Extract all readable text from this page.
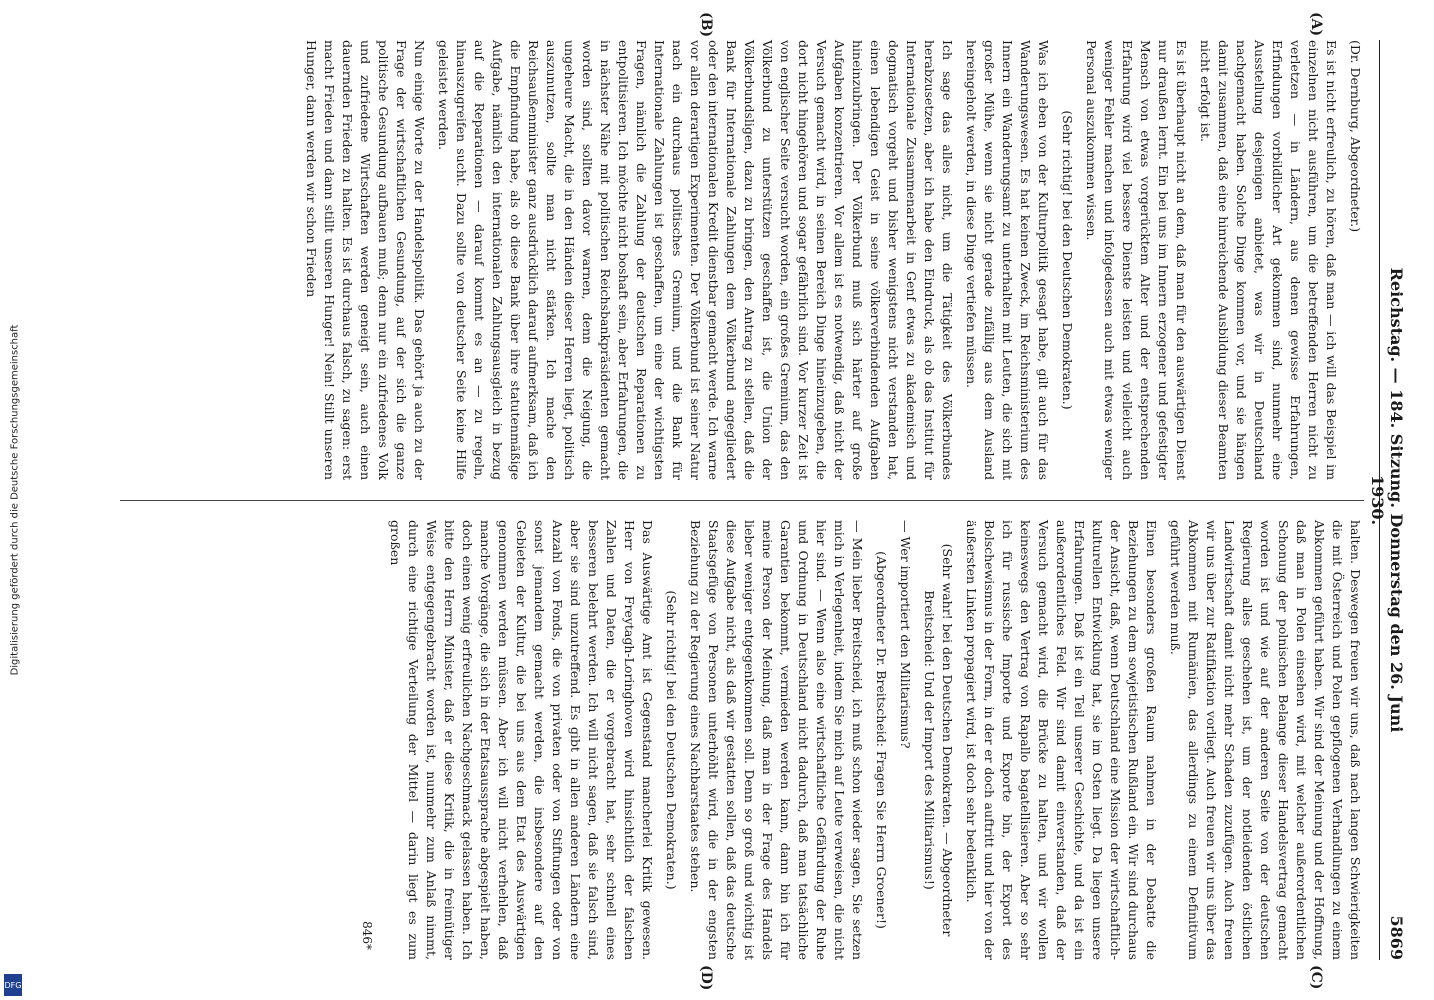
Digitalisierung gefördert durch die Deutsche Forschungsgemeinschaft
DFG
Reichstag. — 184. Sitzung. Donnerstag den 26. Juni 1930.
5869
(A)
(B)
(C)
(D)

(Dr. Dernburg, Abgeordneter.)

Es ist nicht erfreulich, zu hören, daß man — ich will das Beispiel im einzelnen nicht ausführen, um die betreffenden Herren nicht zu verletzen — in Ländern, aus denen gewisse Erfahrungen, Erfindungen vorbildlicher Art gekommen sind, nunmehr eine Ausstellung desjenigen anbietet, was wir in Deutschland nachgemacht haben. Solche Dinge kommen vor, und sie hängen damit zusammen, daß eine hinreichende Ausbildung dieser Beamten nicht erfolgt ist.

Es ist überhaupt nicht an dem, daß man für den auswärtigen Dienst nur draußen lernt. Ein bei uns im Innern erzogener und gefestigter Mensch von etwas vorgerücktem Alter und der entsprechenden Erfahrung wird viel bessere Dienste leisten und vielleicht auch weniger Fehler machen und infolgedessen auch mit etwas weniger Personal auszukommen wissen.

(Sehr richtig! bei den Deutschen Demokraten.)

Was ich eben von der Kulturpolitik gesagt habe, gilt auch für das Wanderungswesen. Es hat keinen Zweck, im Reichsministerium des Innern ein Wanderungsamt zu unterhalten mit Leuten, die sich mit großer Mühe, wenn sie nicht gerade zufällig aus dem Ausland hereingeholt werden, in diese Dinge vertiefen müssen.

Ich sage das alles nicht, um die Tätigkeit des Völkerbundes herabzusetzen, aber ich habe den Eindruck, als ob das Institut für Internationale Zusammenarbeit in Genf etwas zu akademisch und dogmatisch vorgeht und bisher wenigstens nicht verstanden hat, einen lebendigen Geist in seine völkerverbindenden Aufgaben hineinzubringen. Der Völkerbund muß sich härter auf große Aufgaben konzentrieren. Vor allem ist es notwendig, daß nicht der Versuch gemacht wird, in seinen Bereich Dinge hineinzugeben, die dort nicht hingehören und sogar gefährlich sind. Vor kurzer Zeit ist von englischer Seite versucht worden, ein großes Gremium, das den Völkerbund zu unterstützen geschaffen ist, die Union der Völkerbundsligen, dazu zu bringen, den Antrag zu stellen, daß die Bank für Internationale Zahlungen dem Völkerbund angegliedert oder den internationalen Kredit dienstbar gemacht werde. Ich warne vor allen derartigen Experimenten. Der Völkerbund ist seiner Natur nach ein durchaus politisches Gremium, und die Bank für Internationale Zahlungen ist geschaffen, um eine der wichtigsten Fragen, nämlich die Zahlung der deutschen Reparationen zu entpolitisieren. Ich möchte nicht boshaft sein, aber Erfahrungen, die in nächster Nähe mit politischen Reichsbankpräsidenten gemacht worden sind, sollten davor warnen, denn die Neigung, die ungeheure Macht, die in den Händen dieser Herren liegt, politisch auszunutzen, sollte man nicht stärken. Ich mache den Reichsaußenminister ganz ausdrücklich darauf aufmerksam, daß ich die Empfindung habe, als ob diese Bank über ihre statutenmäßige Aufgabe, nämlich den internationalen Zahlungsausgleich in bezug auf die Reparationen — darauf kommt es an — zu regeln, hinauszugreifen sucht. Dazu sollte von deutscher Seite keine Hilfe geleistet werden.

Nun einige Worte zu der Handelspolitik. Das gehört ja auch zu der Frage der wirtschaftlichen Gesundung, auf der sich die ganze politische Gesundung aufbauen muß; denn nur ein zufriedenes Volk und zufriedene Wirtschaften werden geneigt sein, auch einen dauernden Frieden zu halten. Es ist durchaus falsch, zu sagen: erst macht Frieden und dann stillt unseren Hunger! Nein! Stillt unseren Hunger, dann werden wir schon Frieden

halten. Deswegen freuen wir uns, daß nach langen Schwierigkeiten die mit Österreich und Polen gepflogenen Verhandlungen zu einem Abkommen geführt haben. Wir sind der Meinung und der Hoffnung, daß man in Polen einsehen wird, mit welcher außerordentlichen Schonung der polnischen Belange dieser Handelsvertrag gemacht worden ist und wie auf der anderen Seite von der deutschen Regierung alles geschehen ist, um der notleidenden östlichen Landwirtschaft damit nicht mehr Schaden zuzufügen. Auch freuen wir uns über zur Ratifikation vorliegt. Auch freuen wir uns über das Abkommen mit Rumänien, das allerdings zu einem Definitivum geführt werden muß.

Einen besonders großen Raum nahmen in der Debatte die Beziehungen zu dem sowjetistischen Rußland ein. Wir sind durchaus der Ansicht, daß, wenn Deutschland eine Mission der wirtschaftlich-kulturellen Entwicklung hat, sie im Osten liegt. Da liegen unsere Erfahrungen. Daß ist ein Teil unserer Geschichte, und da ist ein außerordentliches Feld. Wir sind damit einverstanden, daß der Versuch gemacht wird, die Brücke zu halten, und wir wollen keineswegs den Vertrag von Rapallo bagatellisieren. Aber so sehr ich für russische Importe und Exporte bin, der Export des Bolschewismus in der Form, in der er doch auftritt und hier von der äußersten Linken propagiert wird, ist doch sehr bedenklich.

(Sehr wahr! bei den Deutschen Demokraten. — Abgeordneter Breitscheid: Und der Import des Militarismus!)

— Wer importiert den Militarismus?

(Abgeordneter Dr. Breitscheid: Fragen Sie Herrn Groener!)

— Mein lieber Breitscheid, ich muß schon wieder sagen, Sie setzen mich in Verlegenheit, indem Sie mich auf Leute verweisen, die nicht hier sind. — Wenn also eine wirtschaftliche Gefährdung der Ruhe und Ordnung in Deutschland nicht dadurch, daß man tatsächliche Garantien bekommt, vermieden werden kann, dann bin ich für meine Person der Meinung, daß man in der Frage des Handels lieber weniger entgegenkommen soll. Denn so groß und wichtig ist diese Aufgabe nicht, als daß wir gestatten sollen, daß das deutsche Staatsgefüge von Personen unterhöhlt wird, die in der engsten Beziehung zu der Regierung eines Nachbarstaates stehen.

(Sehr richtig! bei den Deutschen Demokraten.)

Das Auswärtige Amt ist Gegenstand mancherlei Kritik gewesen. Herr von Freytagh-Loringhoven wird hinsichtlich der falschen Zahlen und Daten, die er vorgebracht hat, sehr schnell eines besseren belehrt werden. Ich will nicht sagen, daß sie falsch sind, aber sie sind unzutreffend. Es gibt in allen anderen Ländern eine Anzahl von Fonds, die von privaten oder von Stiftungen oder von sonst jemandem gemacht werden, die insbesondere auf den Gebieten der Kultur, die bei uns aus dem Etat des Auswärtigen genommen werden müssen. Aber ich will nicht verhehlen, daß manche Vorgänge, die sich in der Etatsaussprache abgespielt haben, doch einen wenig erfreulichen Nachgeschmack gelassen haben. Ich bitte den Herrn Minister, daß er diese Kritik, die in freimütiger Weise entgegengebracht worden ist, nunmehr zum Anlaß nimmt, durch eine richtige Verteilung der Mittel — darin liegt es zum großen

846*
